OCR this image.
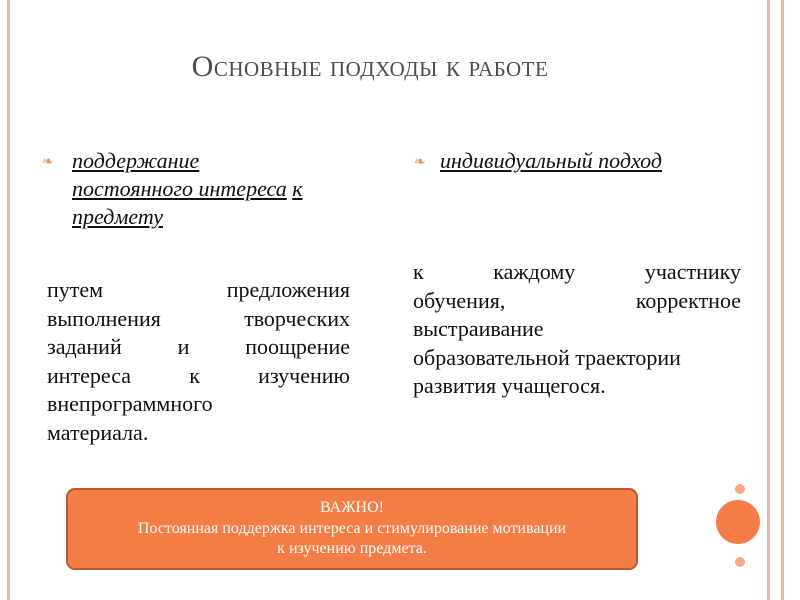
Основные подходы к работе
❧ поддержание
постоянного интереса к
предмету
путем предложения
выполнения творческих
заданий и поощрение
интереса к изучению
внепрограммного
материала.
❧ индивидуальный подход
к каждому участнику
обучения, корректное
выстраивание
образовательной траектории
развития учащегося.
ВАЖНО!
Постоянная поддержка интереса и стимулирование мотивации
к изучению предмета.
